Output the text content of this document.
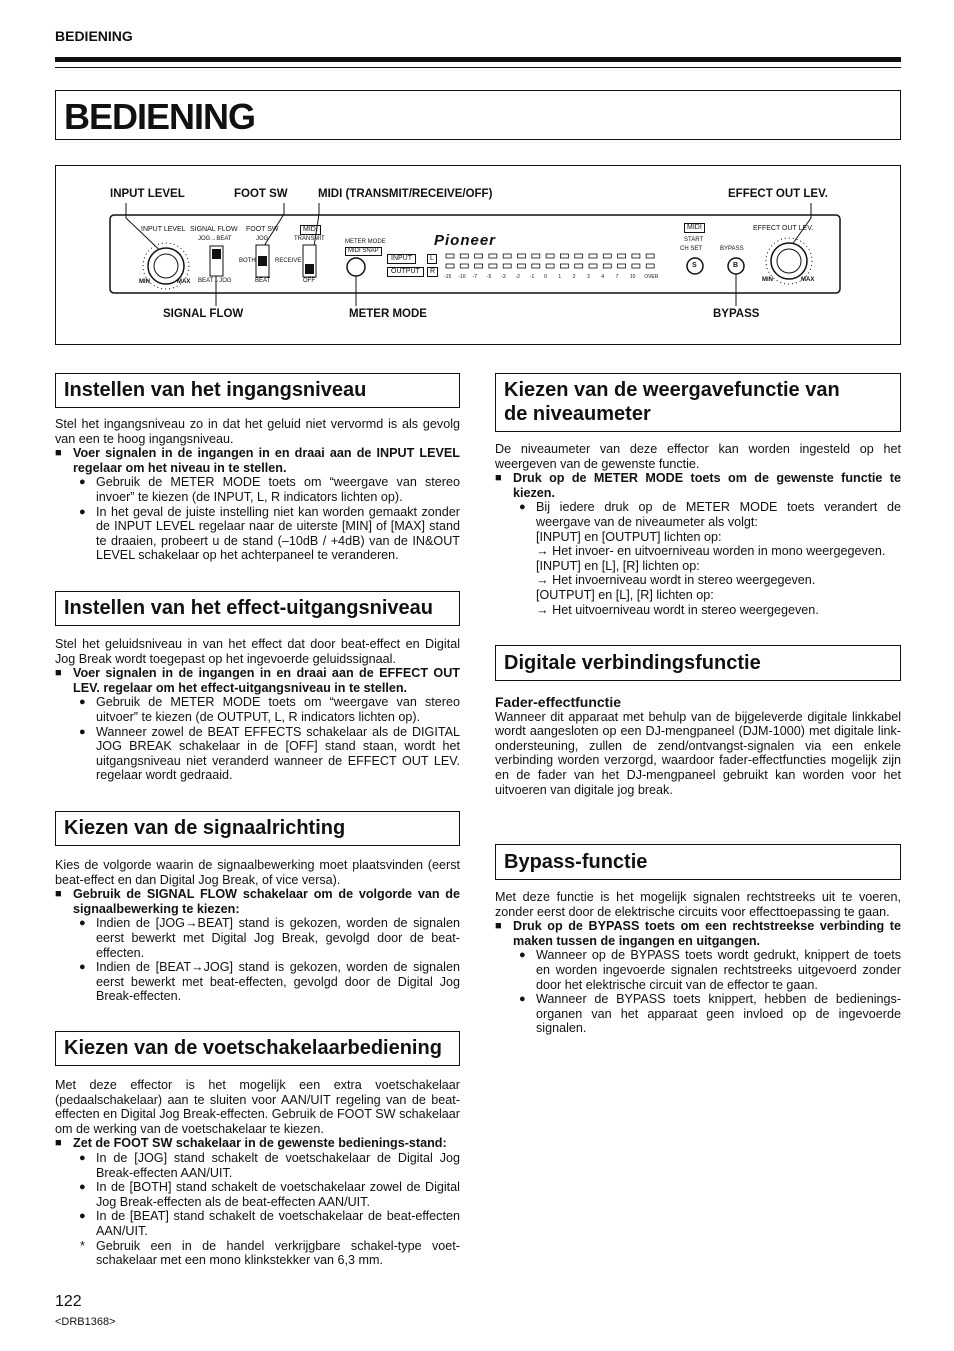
BEDIENING
BEDIENING
INPUT LEVEL	FOOT SW	MIDI (TRANSMIT/RECEIVE/OFF)	EFFECT OUT LEV.
SIGNAL FLOW	METER MODE	BYPASS
INPUT LEVEL
MIN	MAX
SIGNAL FLOW
JOG→BEAT
BEAT→JOG
FOOT SW
JOG
BOTH
BEAT
MIDI
TRANSMIT
RECEIVE
OFF
METER MODE
MIDI SNAP
Pioneer
INPUT
OUTPUT
L
R
-15 -10 -7 -5 -3 -2 -1 0 1 2 3 4 7 10 OVER
MIDI
START
CH SET	BYPASS
S	B
EFFECT OUT LEV.
MIN	MAX
Instellen van het ingangsniveau

Stel het ingangsniveau zo in dat het geluid niet vervormd is als gevolg van een te hoog ingangsniveau.

■ Voer signalen in de ingangen in en draai aan de INPUT LEVEL regelaar om het niveau in te stellen.

● Gebruik de METER MODE toets om “weergave van stereo invoer” te kiezen (de INPUT, L, R indicators lichten op).

● In het geval de juiste instelling niet kan worden gemaakt zonder de INPUT LEVEL regelaar naar de uiterste [MIN] of [MAX] stand te draaien, probeert u de stand (–10dB / +4dB) van de IN&OUT LEVEL schakelaar op het achterpaneel te veranderen.

Instellen van het effect-uitgangsniveau

Stel het geluidsniveau in van het effect dat door beat-effect en Digital Jog Break wordt toegepast op het ingevoerde geluidssignaal.

■ Voer signalen in de ingangen in en draai aan de EFFECT OUT LEV. regelaar om het effect-uitgangsniveau in te stellen.

● Gebruik de METER MODE toets om “weergave van stereo uitvoer” te kiezen (de OUTPUT, L, R indicators lichten op).

● Wanneer zowel de BEAT EFFECTS schakelaar als de DIGITAL JOG BREAK schakelaar in de [OFF] stand staan, wordt het uitgangsniveau niet veranderd wanneer de EFFECT OUT LEV. regelaar wordt gedraaid.

Kiezen van de signaalrichting

Kies de volgorde waarin de signaalbewerking moet plaatsvinden (eerst beat-effect en dan Digital Jog Break, of vice versa).

■ Gebruik de SIGNAL FLOW schakelaar om de volgorde van de signaalbewerking te kiezen:

● Indien de [JOG→BEAT] stand is gekozen, worden de signalen eerst bewerkt met Digital Jog Break, gevolgd door de beat-effecten.

● Indien de [BEAT→JOG] stand is gekozen, worden de signalen eerst bewerkt met beat-effecten, gevolgd door de Digital Jog Break-effecten.

Kiezen van de voetschakelaarbediening

Met deze effector is het mogelijk een extra voetschakelaar (pedaalschakelaar) aan te sluiten voor AAN/UIT regeling van de beat-effecten en Digital Jog Break-effecten. Gebruik de FOOT SW schakelaar om de werking van de voetschakelaar te kiezen.

■ Zet de FOOT SW schakelaar in de gewenste bedienings-stand:

● In de [JOG] stand schakelt de voetschakelaar de Digital Jog Break-effecten AAN/UIT.

● In de [BOTH] stand schakelt de voetschakelaar zowel de Digital Jog Break-effecten als de beat-effecten AAN/UIT.

● In de [BEAT] stand schakelt de voetschakelaar de beat-effecten AAN/UIT.

* Gebruik een in de handel verkrijgbare schakel-type voet-schakelaar met een mono klinkstekker van 6,3 mm.

Kiezen van de weergavefunctie van
de niveaumeter

De niveaumeter van deze effector kan worden ingesteld op het weergeven van de gewenste functie.

■ Druk op de METER MODE toets om de gewenste functie te kiezen.

● Bij iedere druk op de METER MODE toets verandert de weergave van de niveaumeter als volgt:

[INPUT] en [OUTPUT] lichten op:

→ Het invoer- en uitvoerniveau worden in mono weergegeven.

[INPUT] en [L], [R] lichten op:

→ Het invoerniveau wordt in stereo weergegeven.

[OUTPUT] en [L], [R] lichten op:

→ Het uitvoerniveau wordt in stereo weergegeven.

Digitale verbindingsfunctie

Fader-effectfunctie

Wanneer dit apparaat met behulp van de bijgeleverde digitale linkkabel wordt aangesloten op een DJ-mengpaneel (DJM-1000) met digitale link-ondersteuning, zullen de zend/ontvangst-signalen via een enkele verbinding worden verzorgd, waardoor fader-effectfuncties mogelijk zijn en de fader van het DJ-mengpaneel gebruikt kan worden voor het uitvoeren van digitale jog break.

Bypass-functie

Met deze functie is het mogelijk signalen rechtstreeks uit te voeren, zonder eerst door de elektrische circuits voor effecttoepassing te gaan.

■ Druk op de BYPASS toets om een rechtstreekse verbinding te maken tussen de ingangen en uitgangen.

● Wanneer op de BYPASS toets wordt gedrukt, knippert de toets en worden ingevoerde signalen rechtstreeks uitgevoerd zonder door het elektrische circuit van de effector te gaan.

● Wanneer de BYPASS toets knippert, hebben de bedienings-organen van het apparaat geen invloed op de ingevoerde signalen.

122
<DRB1368>
